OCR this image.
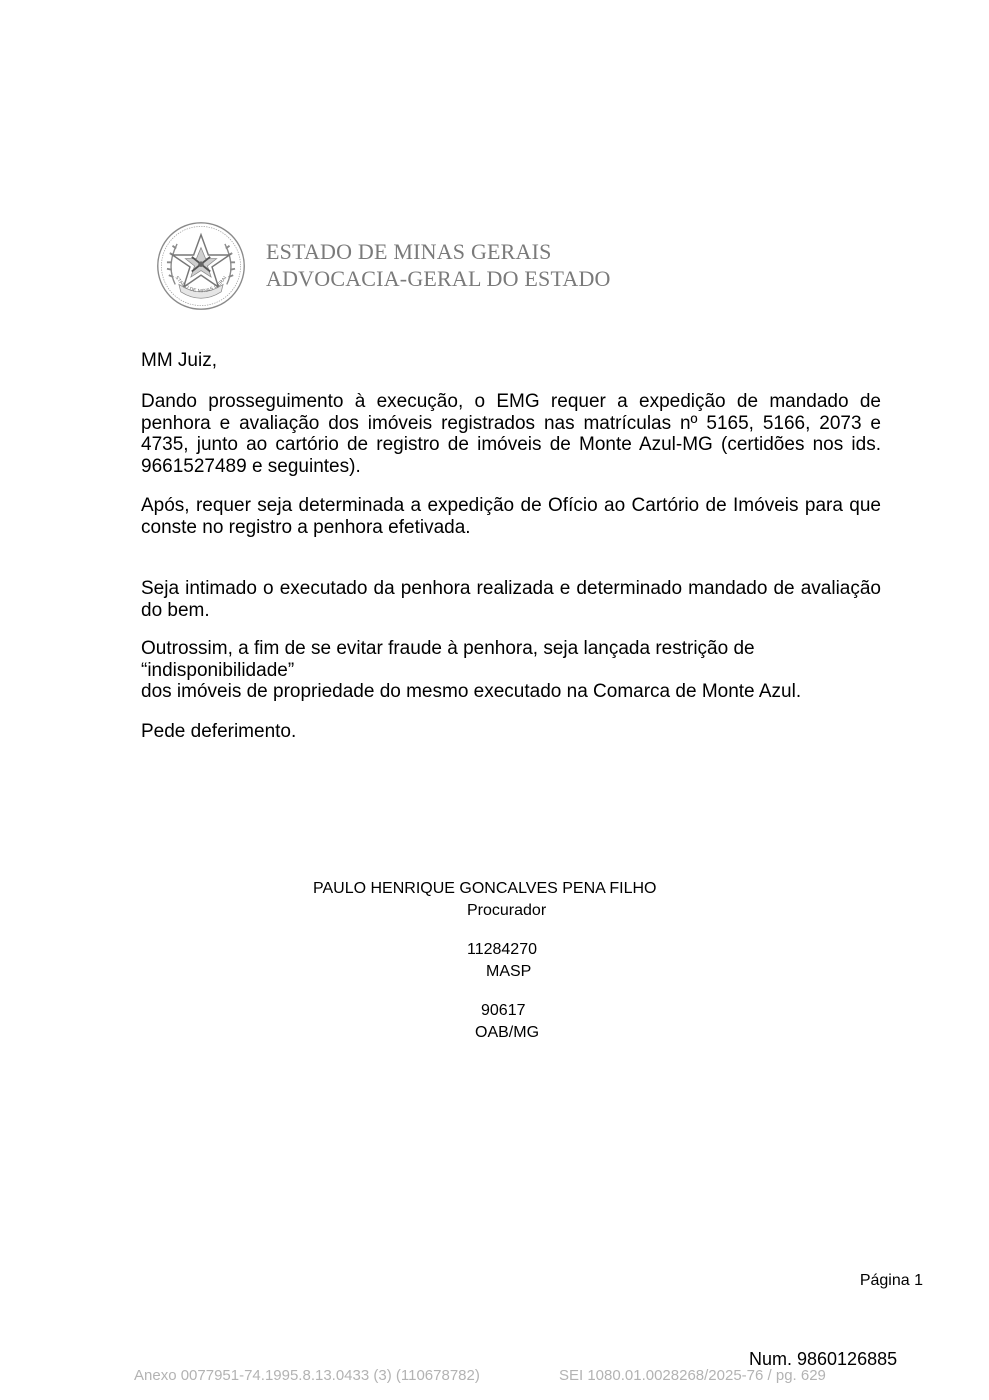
STADO DE MINAS GERAI
ESTADO DE MINAS GERAIS
ADVOCACIA-GERAL DO ESTADO
MM Juiz,
Dando prosseguimento à execução, o EMG requer a expedição de mandado de penhora e avaliação dos imóveis registrados nas matrículas nº 5165, 5166, 2073 e 4735, junto ao cartório de registro de imóveis de Monte Azul-MG (certidões nos ids. 9661527489 e seguintes).
Após, requer seja determinada a expedição de Ofício ao Cartório de Imóveis para que conste no registro a penhora efetivada.
Seja intimado o executado da penhora realizada e determinado mandado de avaliação do bem.
Outrossim, a fim de se evitar fraude à penhora, seja lançada restrição de
“indisponibilidade”
dos imóveis de propriedade do mesmo executado na Comarca de Monte Azul.
Pede deferimento.
PAULO HENRIQUE GONCALVES PENA FILHO
Procurador
11284270
MASP
90617
OAB/MG
Página 1
Num. 9860126885
Anexo 0077951-74.1995.8.13.0433 (3) (110678782)	SEI 1080.01.0028268/2025-76 / pg. 629
